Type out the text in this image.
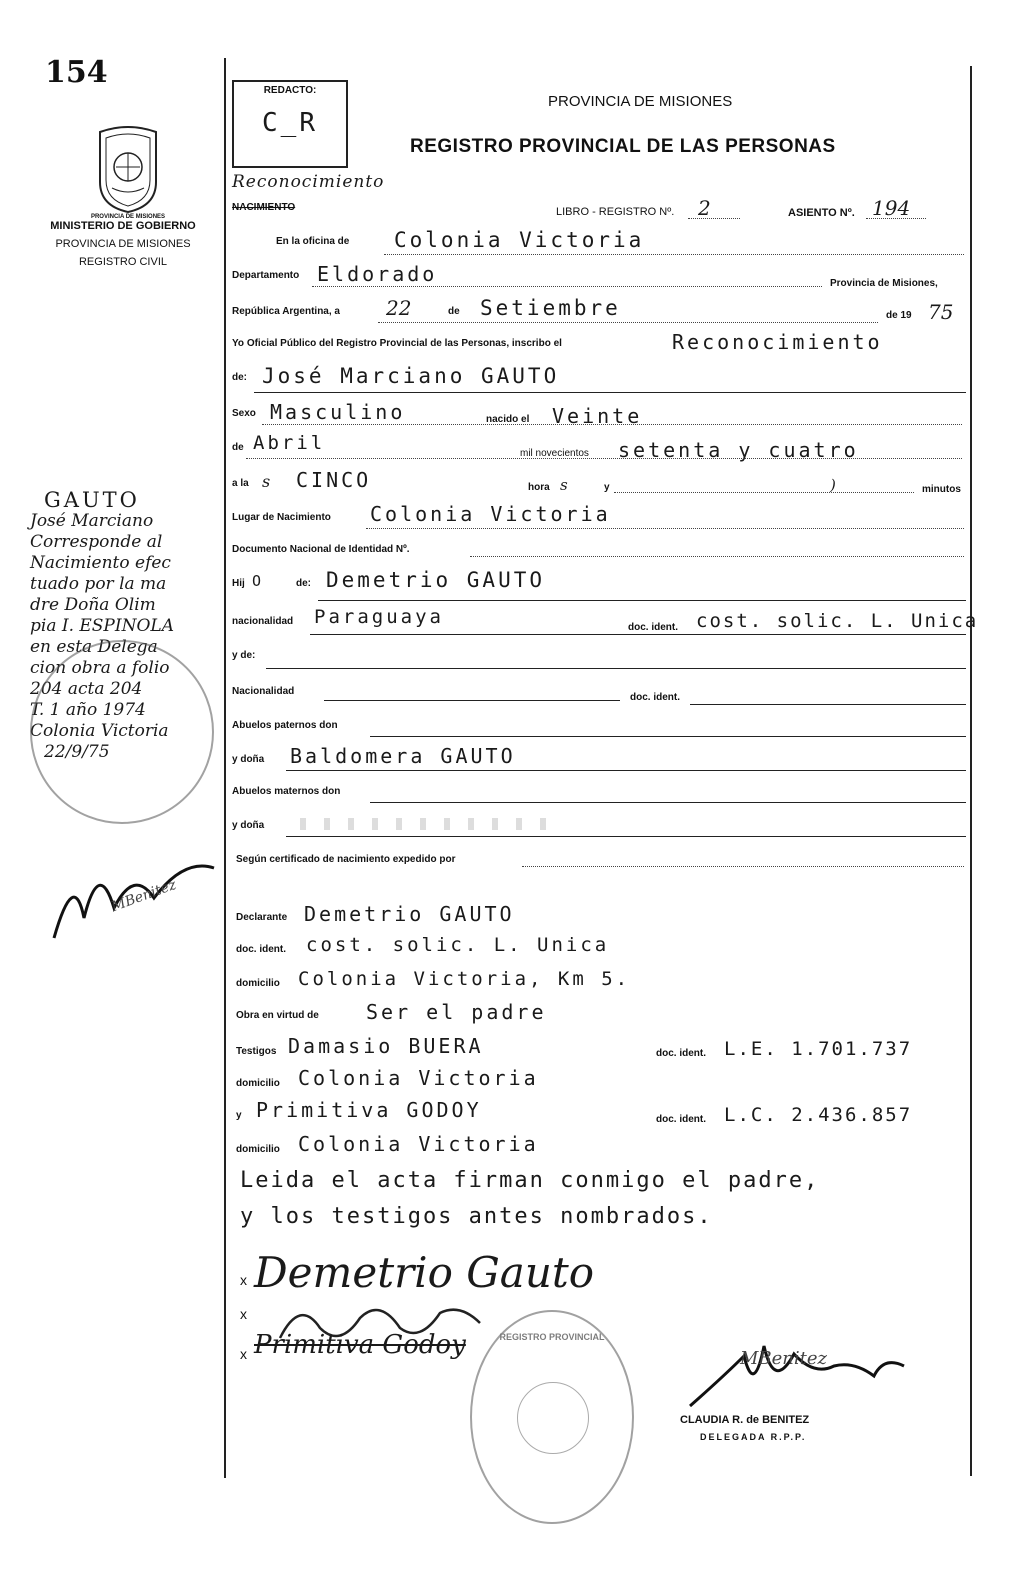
154
PROVINCIA DE MISIONES
MINISTERIO DE GOBIERNO
PROVINCIA DE MISIONES
REGISTRO CIVIL
REDACTO:
C_R
PROVINCIA DE MISIONES
REGISTRO PROVINCIAL DE LAS PERSONAS
Reconocimiento
NACIMIENTO	LIBRO - REGISTRO Nº. 2	ASIENTO Nº. 194
En la oficina de Colonia Victoria
Departamento Eldorado	Provincia de Misiones,
República Argentina, a 22	de Setiembre	de 19 75
Yo Oficial Público del Registro Provincial de las Personas, inscribo el	Reconocimiento
de: José Marciano GAUTO
Sexo Masculino	nacido el Veinte
de Abril	mil novecientos setenta y cuatro
a la s CINCO	hora s	y	)	minutos
Lugar de Nacimiento Colonia Victoria
Documento Nacional de Identidad Nº.
Hij O	de: Demetrio GAUTO
nacionalidad Paraguaya	doc. ident. cost. solic. L. Unica
y de:
Nacionalidad
doc. ident.
Abuelos paternos don
y doña Baldomera GAUTO
Abuelos maternos don
y doña
Según certificado de nacimiento expedido por
Declarante Demetrio GAUTO
doc. ident. cost. solic. L. Unica
domicilio Colonia Victoria, Km 5.
Obra en virtud de Ser el padre
Testigos Damasio BUERA	doc. ident. L.E. 1.701.737
domicilio Colonia Victoria
y Primitiva GODOY	doc. ident. L.C. 2.436.857
domicilio Colonia Victoria
Leida el acta firman conmigo el padre,
y los testigos antes nombrados.
x Demetrio Gauto
x
x Primitiva Godoy	REGISTRO PROVINCIAL
MBenitez
CLAUDIA R. de BENITEZ
DELEGADA R.P.P.
GAUTO
José Marciano
Corresponde al
Nacimiento efec
tuado por la ma
dre Doña Olim
pia I. ESPINOLA
en esta Delega
cion obra a folio
204 acta 204
T. 1 año 1974
Colonia Victoria
22/9/75
MBenitez
